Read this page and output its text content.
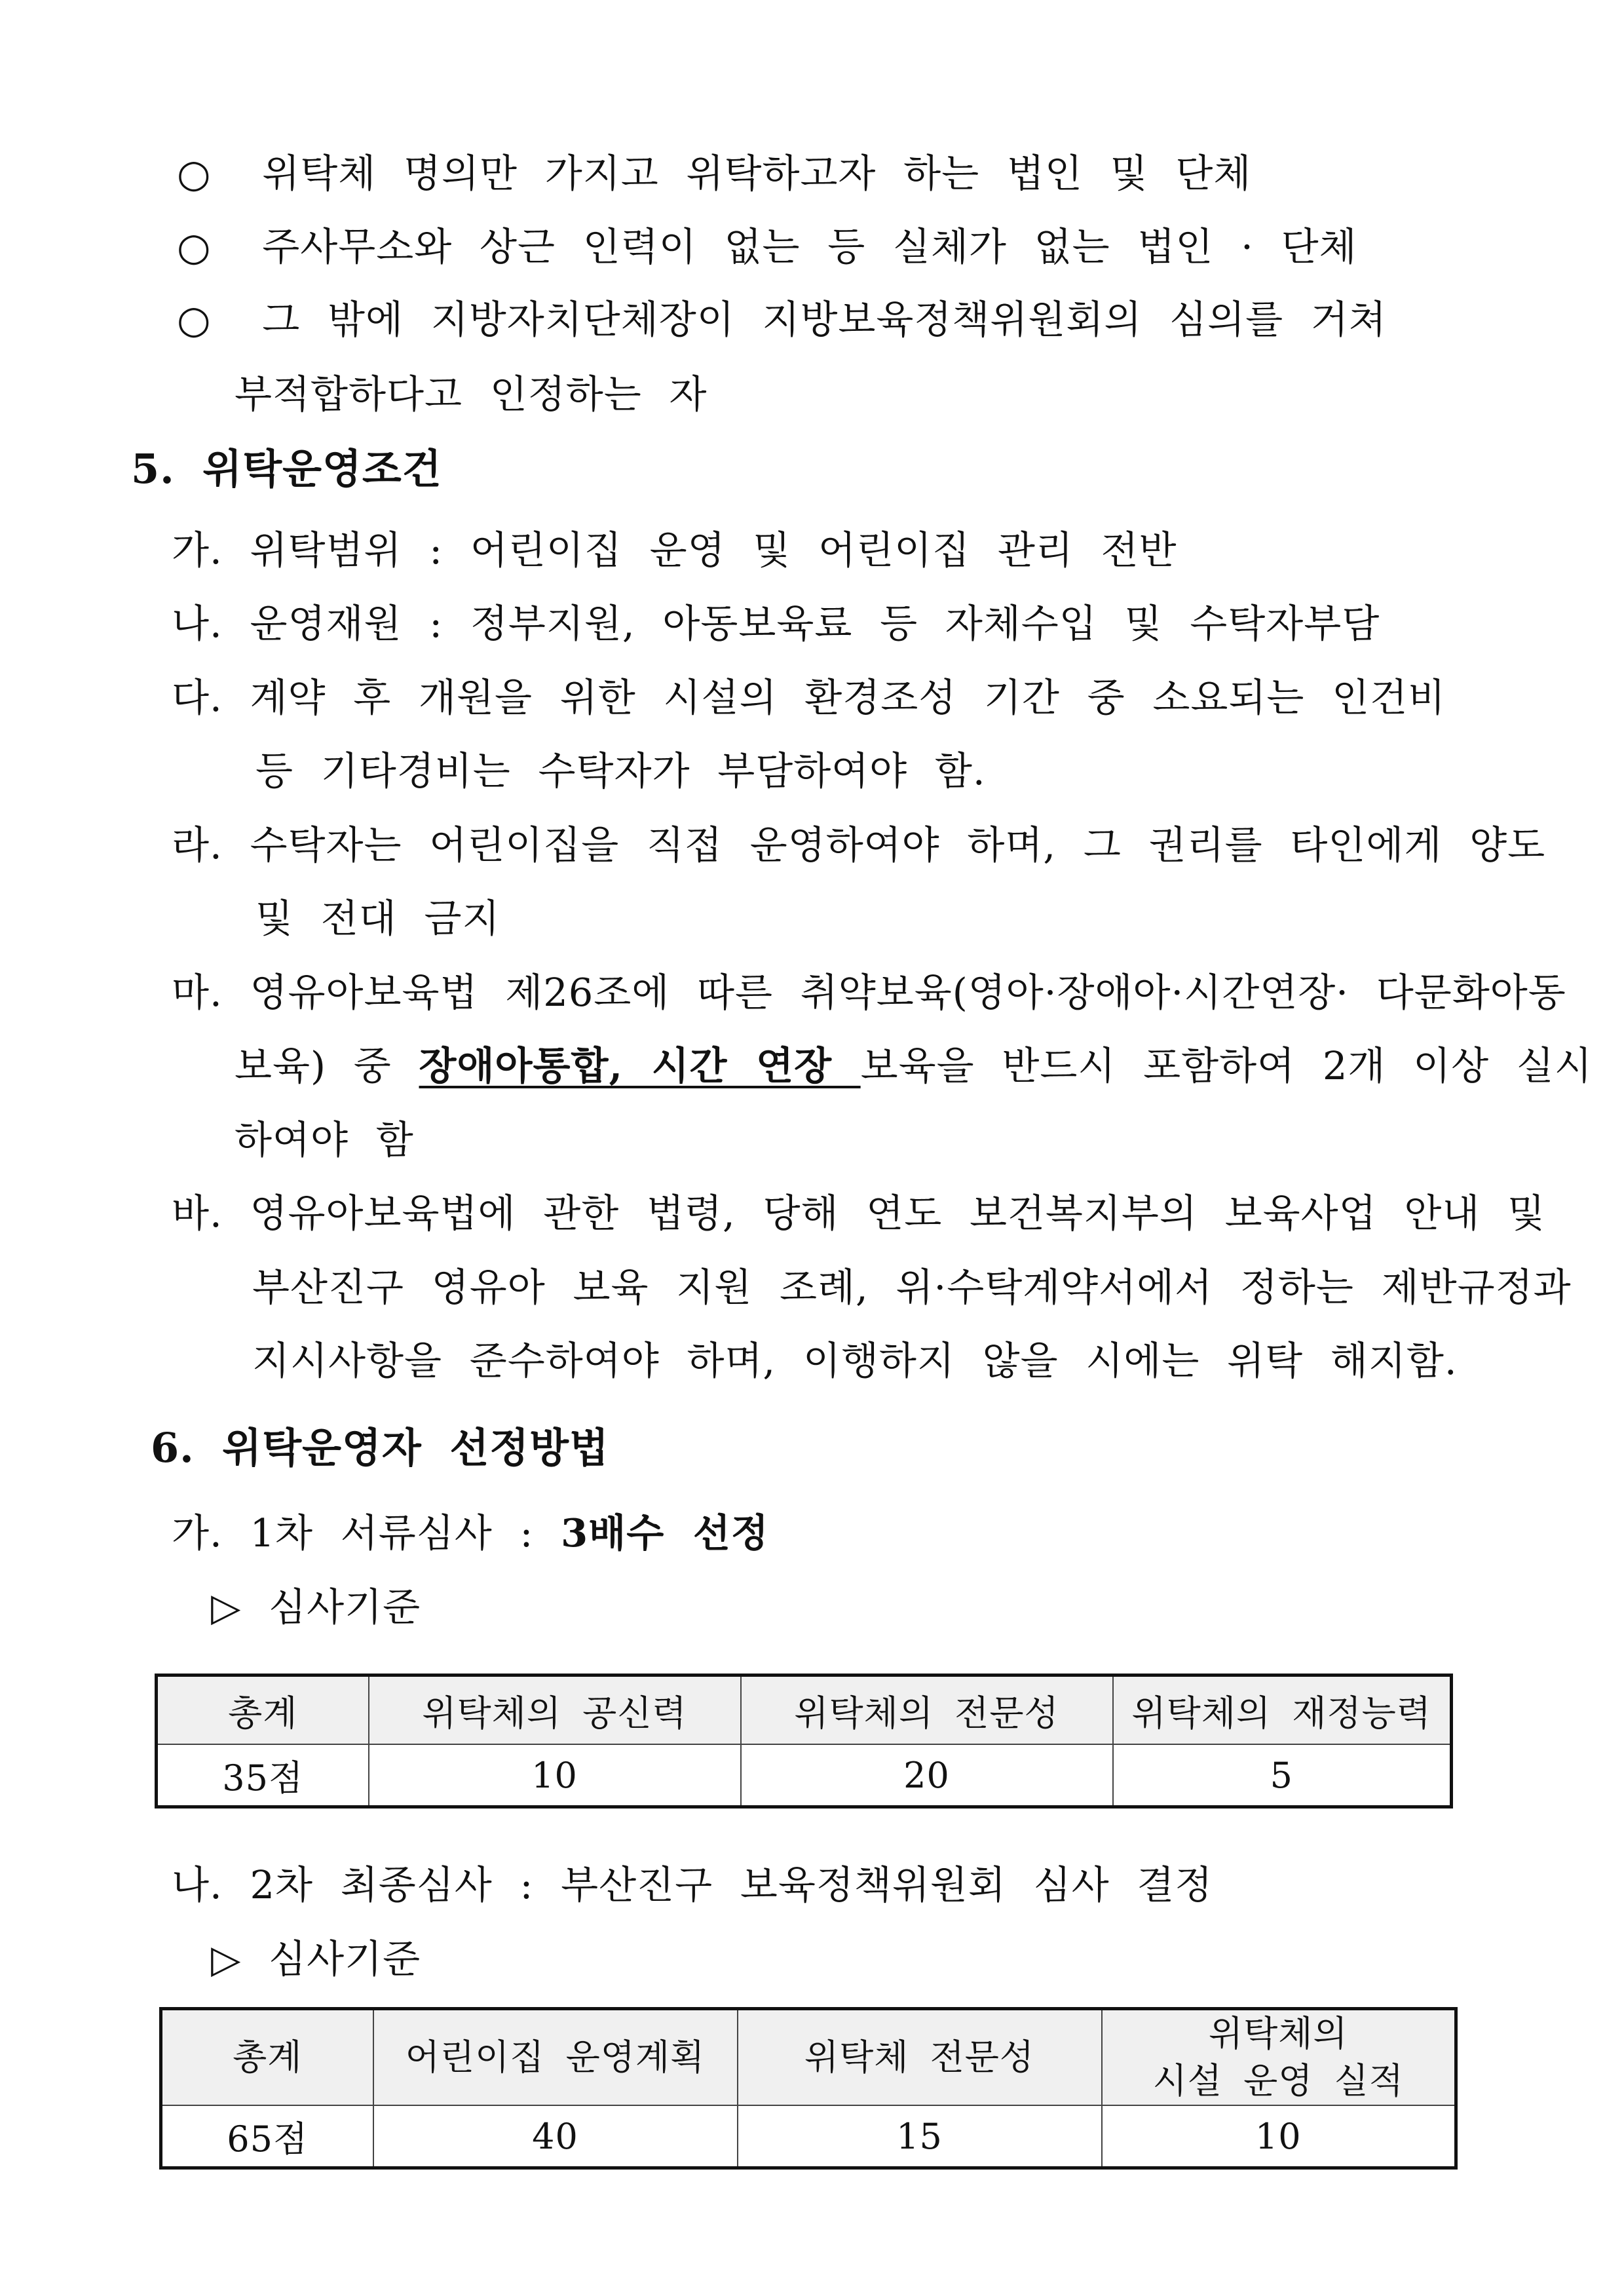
○ 위탁체 명의만 가지고 위탁하고자 하는 법인 및 단체
○ 주사무소와 상근 인력이 없는 등 실체가 없는 법인 · 단체
○ 그 밖에 지방자치단체장이 지방보육정책위원회의 심의를 거쳐
부적합하다고 인정하는 자
5. 위탁운영조건
가. 위탁범위 : 어린이집 운영 및 어린이집 관리 전반
나. 운영재원 : 정부지원, 아동보육료 등 자체수입 및 수탁자부담
다. 계약 후 개원을 위한 시설의 환경조성 기간 중 소요되는 인건비
등 기타경비는 수탁자가 부담하여야 함.
라. 수탁자는 어린이집을 직접 운영하여야 하며, 그 권리를 타인에게 양도
및 전대 금지
마. 영유아보육법 제26조에 따른 취약보육(영아·장애아·시간연장· 다문화아동
보육) 중 장애아통합, 시간 연장 보육을 반드시 포함하여 2개 이상 실시
하여야 함
바. 영유아보육법에 관한 법령, 당해 연도 보건복지부의 보육사업 안내 및
부산진구 영유아 보육 지원 조례, 위·수탁계약서에서 정하는 제반규정과
지시사항을 준수하여야 하며, 이행하지 않을 시에는 위탁 해지함.
6. 위탁운영자 선정방법
가. 1차 서류심사 : 3배수 선정
▷ 심사기준
총계	위탁체의 공신력	위탁체의 전문성	위탁체의 재정능력
35점	10	20	5
나. 2차 최종심사 : 부산진구 보육정책위원회 심사 결정
▷ 심사기준
총계	어린이집 운영계획	위탁체 전문성	위탁체의
시설 운영 실적

65점	40	15	10
